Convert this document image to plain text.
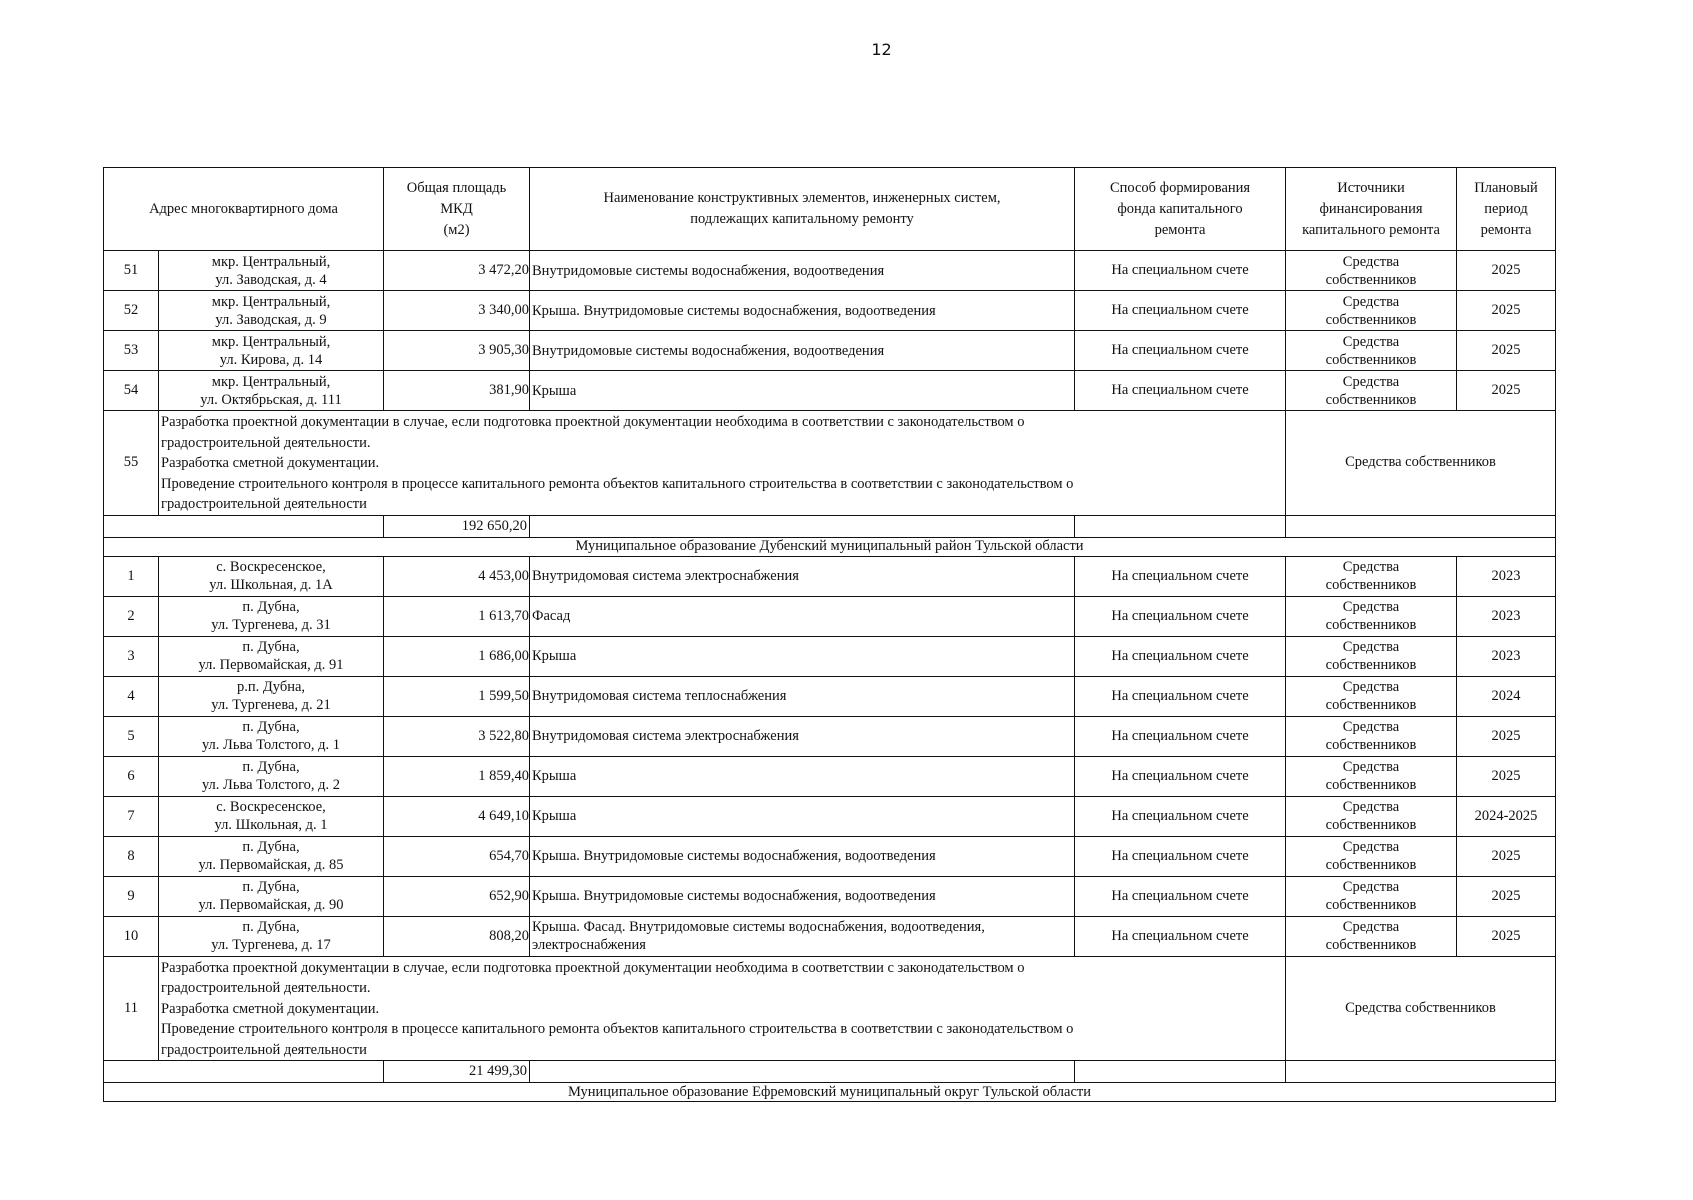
12
Адрес многоквартирного дома		Общая площадь
МКД
(м2)	Наименование конструктивных элементов, инженерных систем,
подлежащих капитальному ремонту	Способ формирования
фонда капитального
ремонта	Источники
финансирования
капитального ремонта	Плановый
период
ремонта

51	мкр. Центральный,
ул. Заводская, д. 4	3 472,20	Внутридомовые системы водоснабжения, водоотведения	На специальном счете	Средства
собственников	2025
52	мкр. Центральный,
ул. Заводская, д. 9	3 340,00	Крыша. Внутридомовые системы водоснабжения, водоотведения	На специальном счете	Средства
собственников	2025
53	мкр. Центральный,
ул. Кирова, д. 14	3 905,30	Внутридомовые системы водоснабжения, водоотведения	На специальном счете	Средства
собственников	2025
54	мкр. Центральный,
ул. Октябрьская, д. 111	381,90	Крыша	На специальном счете	Средства
собственников	2025
55	Разработка проектной документации в случае, если подготовка проектной документации необходима в соответствии с законодательством о
градостроительной деятельности.
Разработка сметной документации.
Проведение строительного контроля в процессе капитального ремонта объектов капитального строительства в соответствии с законодательством о
градостроительной деятельности				Средства собственников	
		192 650,20				
Муниципальное образование Дубенский муниципальный район Тульской области						
1	с. Воскресенское,
ул. Школьная, д. 1А	4 453,00	Внутридомовая система электроснабжения	На специальном счете	Средства
собственников	2023
2	п. Дубна,
ул. Тургенева, д. 31	1 613,70	Фасад	На специальном счете	Средства
собственников	2023
3	п. Дубна,
ул. Первомайская, д. 91	1 686,00	Крыша	На специальном счете	Средства
собственников	2023
4	р.п. Дубна,
ул. Тургенева, д. 21	1 599,50	Внутридомовая система теплоснабжения	На специальном счете	Средства
собственников	2024
5	п. Дубна,
ул. Льва Толстого, д. 1	3 522,80	Внутридомовая система электроснабжения	На специальном счете	Средства
собственников	2025
6	п. Дубна,
ул. Льва Толстого, д. 2	1 859,40	Крыша	На специальном счете	Средства
собственников	2025
7	с. Воскресенское,
ул. Школьная, д. 1	4 649,10	Крыша	На специальном счете	Средства
собственников	2024-2025
8	п. Дубна,
ул. Первомайская, д. 85	654,70	Крыша. Внутридомовые системы водоснабжения, водоотведения	На специальном счете	Средства
собственников	2025
9	п. Дубна,
ул. Первомайская, д. 90	652,90	Крыша. Внутридомовые системы водоснабжения, водоотведения	На специальном счете	Средства
собственников	2025
10	п. Дубна,
ул. Тургенева, д. 17	808,20	Крыша. Фасад. Внутридомовые системы водоснабжения, водоотведения, электроснабжения	На специальном счете	Средства
собственников	2025
11	Разработка проектной документации в случае, если подготовка проектной документации необходима в соответствии с законодательством о
градостроительной деятельности.
Разработка сметной документации.
Проведение строительного контроля в процессе капитального ремонта объектов капитального строительства в соответствии с законодательством о
градостроительной деятельности				Средства собственников	
		21 499,30				
Муниципальное образование Ефремовский муниципальный округ Тульской области						
